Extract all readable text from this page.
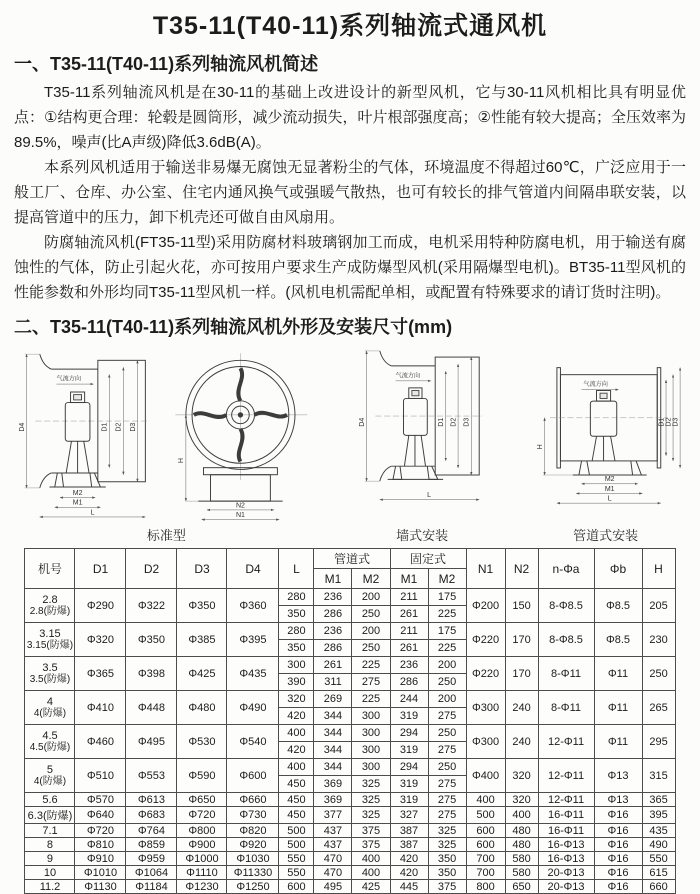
T35-11(T40-11)系列轴流式通风机
一、T35-11(T40-11)系列轴流风机简述

T35-11系列轴流风机是在30-11的基础上改进设计的新型风机，它与30-11风机相比具有明显优点：①结构更合理：轮毂是圆筒形，减少流动损失，叶片根部强度高；②性能有较大提高；全压效率为89.5%，噪声(比A声级)降低3.6dB(A)。

本系列风机适用于输送非易爆无腐蚀无显著粉尘的气体，环境温度不得超过60℃，广泛应用于一般工厂、仓库、办公室、住宅内通风换气或强暖气散热，也可有较长的排气管道内间隔串联安装，以提高管道中的压力，卸下机壳还可做自由风扇用。

防腐轴流风机(FT35-11型)采用防腐材料玻璃钢加工而成，电机采用特种防腐电机，用于输送有腐蚀性的气体，防止引起火花，亦可按用户要求生产成防爆型风机(采用隔爆型电机)。BT35-11型风机的性能参数和外形均同T35-11型风机一样。(风机电机需配单相，或配置有特殊要求的请订货时注明)。

二、T35-11(T40-11)系列轴流风机外形及安装尺寸(mm)
气流方向
D4	D1 D2 D3
M2
M1
L
H
N2
N1
标准型
气流方向
D4	D1 D2 D3
L
墙式安装
气流方向
H
D1 D2 D3
M2
M1
L
管道式安装
机号	D1	D2	D3	D4	L	管道式		固定式		N1	N2	n-Φa	Φb	H
						M1	M2	M1	M2					

2.8
2.8(防爆)	Φ290	Φ322	Φ350	Φ360	280	236	200	211	175	Φ200	150	8-Φ8.5	Φ8.5	205
					350	286	250	261	225					

3.15
3.15(防爆)	Φ320	Φ350	Φ385	Φ395	280	236	200	211	175	Φ220	170	8-Φ8.5	Φ8.5	230
					350	286	250	261	225					

3.5
3.5(防爆)	Φ365	Φ398	Φ425	Φ435	300	261	225	236	200	Φ220	170	8-Φ11	Φ11	250
					390	311	275	286	250					

4
4(防爆)	Φ410	Φ448	Φ480	Φ490	320	269	225	244	200	Φ300	240	8-Φ11	Φ11	265
					420	344	300	319	275					

4.5
4.5(防爆)	Φ460	Φ495	Φ530	Φ540	400	344	300	294	250	Φ300	240	12-Φ11	Φ11	295
					420	344	300	319	275					

5
4(防爆)	Φ510	Φ553	Φ590	Φ600	400	344	300	294	250	Φ400	320	12-Φ11	Φ13	315
					450	369	325	319	275					
5.6	Φ570	Φ613	Φ650	Φ660	450	369	325	319	275	400	320	12-Φ11	Φ13	365
6.3(防爆)	Φ640	Φ683	Φ720	Φ730	450	377	325	327	275	500	400	16-Φ11	Φ16	395
7.1	Φ720	Φ764	Φ800	Φ820	500	437	375	387	325	600	480	16-Φ11	Φ16	435
8	Φ810	Φ859	Φ900	Φ920	500	437	375	387	325	600	480	16-Φ13	Φ16	490
9	Φ910	Φ959	Φ1000	Φ1030	550	470	400	420	350	700	580	16-Φ13	Φ16	550
10	Φ1010	Φ1064	Φ1110	Φ11330	550	470	400	420	350	700	580	20-Φ13	Φ16	615
11.2	Φ1130	Φ1184	Φ1230	Φ1250	600	495	425	445	375	800	650	20-Φ13	Φ16	660
